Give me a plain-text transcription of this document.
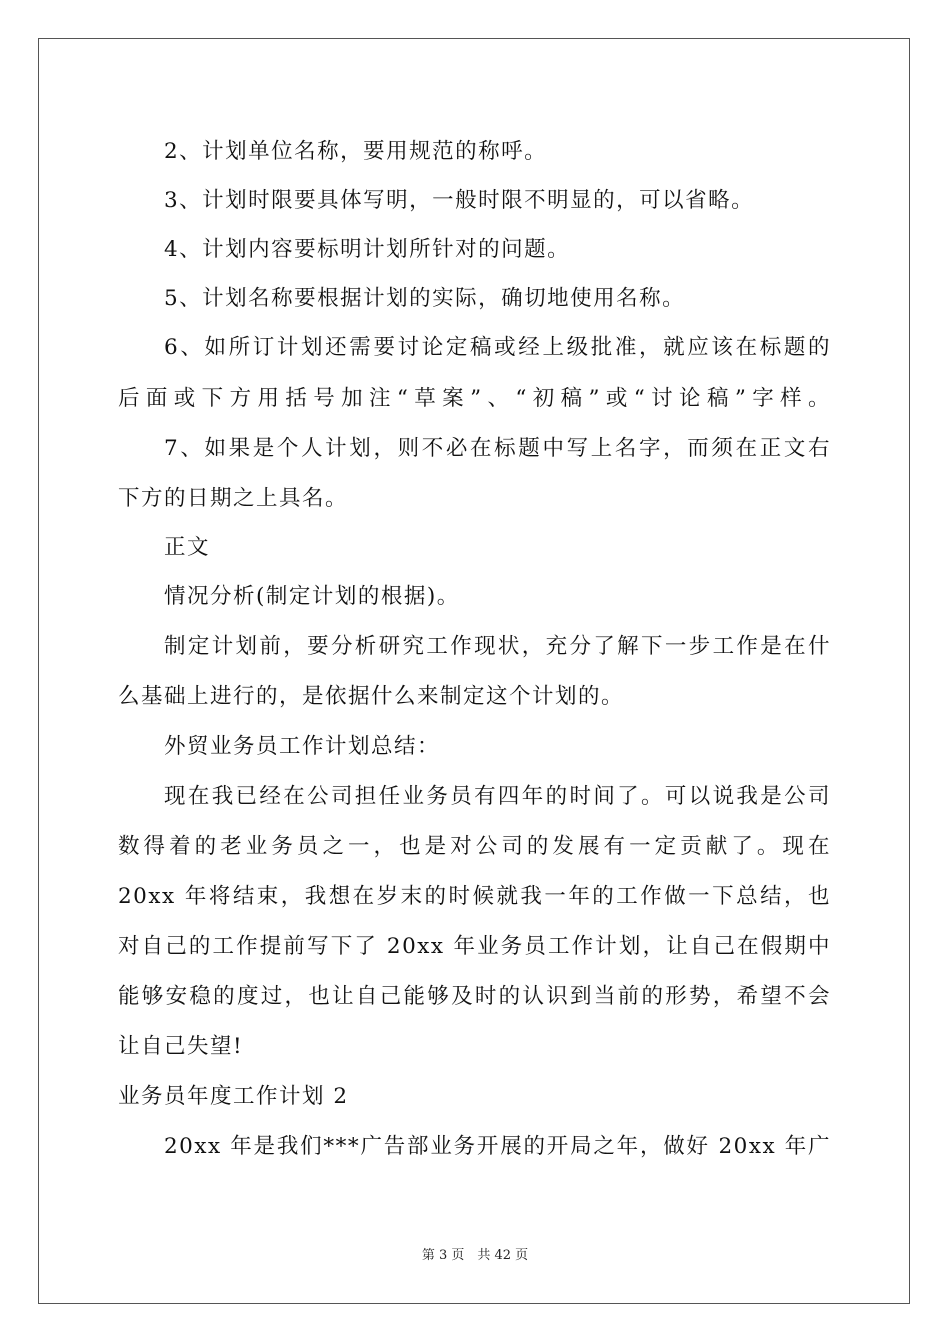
2、计划单位名称，要用规范的称呼。
3、计划时限要具体写明，一般时限不明显的，可以省略。
4、计划内容要标明计划所针对的问题。
5、计划名称要根据计划的实际，确切地使用名称。
6、如所订计划还需要讨论定稿或经上级批准，就应该在标题的
后面或下方用括号加注“草案”、“初稿”或“讨论稿”字样。
7、如果是个人计划，则不必在标题中写上名字，而须在正文右
下方的日期之上具名。
正文
情况分析(制定计划的根据)。
制定计划前，要分析研究工作现状，充分了解下一步工作是在什
么基础上进行的，是依据什么来制定这个计划的。
外贸业务员工作计划总结：
现在我已经在公司担任业务员有四年的时间了。可以说我是公司
数得着的老业务员之一，也是对公司的发展有一定贡献了。现在
20xx 年将结束，我想在岁末的时候就我一年的工作做一下总结，也
对自己的工作提前写下了 20xx 年业务员工作计划，让自己在假期中
能够安稳的度过，也让自己能够及时的认识到当前的形势，希望不会
让自己失望!
业务员年度工作计划 2
20xx 年是我们***广告部业务开展的开局之年，做好 20xx 年广
第 3 页　共 42 页
